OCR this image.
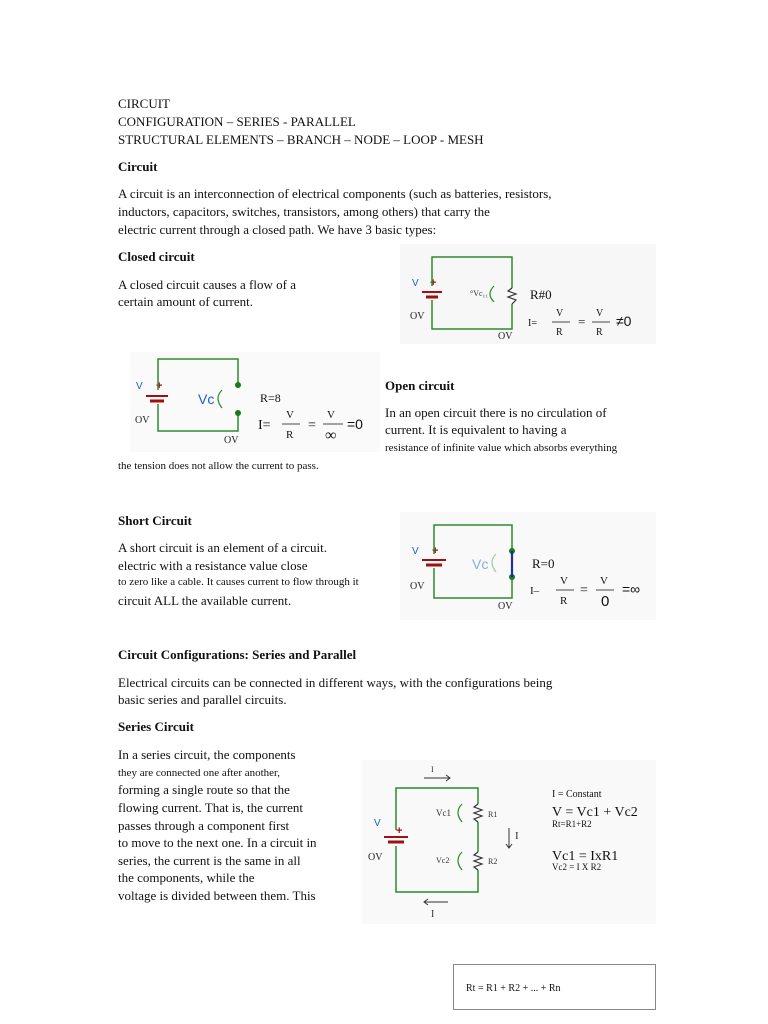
CIRCUIT
CONFIGURATION – SERIES - PARALLEL
STRUCTURAL ELEMENTS – BRANCH – NODE – LOOP - MESH
Circuit
A circuit is an interconnection of electrical components (such as batteries, resistors,
inductors, capacitors, switches, transistors, among others) that carry the
electric current through a closed path. We have 3 basic types:
Closed circuit
A closed circuit causes a flow of a
certain amount of current.
V +
°Vc₁₁
OV
OV
R#0
I=
V
R
=
V
R
≠0
V +
Vc
OV
OV
R=8
I=
V
R
=
V
∞
=0
Open circuit
In an open circuit there is no circulation of
current. It is equivalent to having a
resistance of infinite value which absorbs everything
the tension does not allow the current to pass.
Short Circuit
A short circuit is an element of a circuit.
electric with a resistance value close
to zero like a cable. It causes current to flow through it
circuit ALL the available current.
V +
Vc
OV
OV
R=0
I–
V
R
=
V
0
=∞
Circuit Configurations: Series and Parallel
Electrical circuits can be connected in different ways, with the configurations being
basic series and parallel circuits.
Series Circuit
In a series circuit, the components
they are connected one after another,
forming a single route so that the
flowing current. That is, the current
passes through a component first
to move to the next one. In a circuit in
series, the current is the same in all
the components, while the
voltage is divided between them. This
I
V
+
OV
Vc1	R1
Vc2	R2
I
I
I = Constant
V = Vc1 + Vc2
Rt=R1+R2
Vc1 = IxR1
Vc2 = I X R2
Rt = R1 + R2 + ... + Rn
